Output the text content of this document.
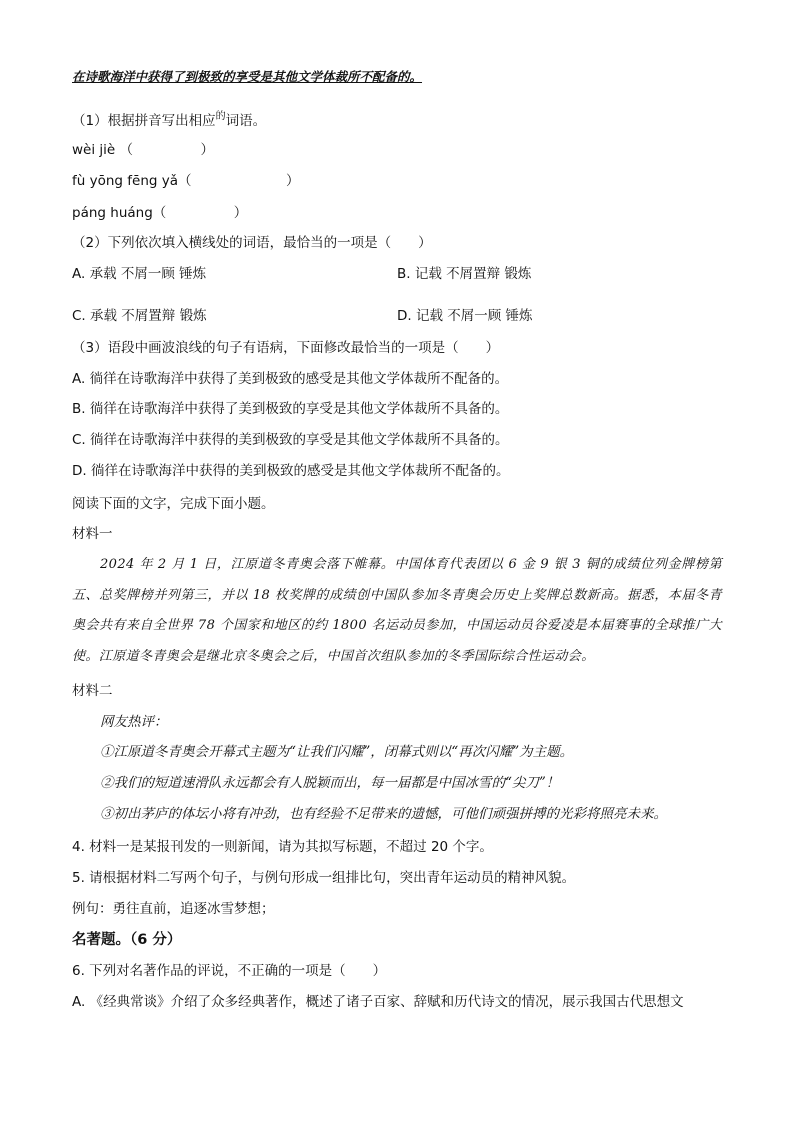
在诗歌海洋中获得了到极致的享受是其他文学体裁所不配备的。
（1）根据拼音写出相应$^的$词语。
wèi jiè （　　　　　）
fù yōng fēng yǎ（　　　　　　　）
páng huáng（　　　　　）
（2）下列依次填入横线处的词语，最恰当的一项是（　　）
A. 承载 不屑一顾 锤炼	B. 记载 不屑置辩 锻炼
C. 承载 不屑置辩 锻炼	D. 记载 不屑一顾 锤炼
（3）语段中画波浪线的句子有语病，下面修改最恰当的一项是（　　）
A. 徜徉在诗歌海洋中获得了美到极致的感受是其他文学体裁所不配备的。
B. 徜徉在诗歌海洋中获得了美到极致的享受是其他文学体裁所不具备的。
C. 徜徉在诗歌海洋中获得的美到极致的享受是其他文学体裁所不具备的。
D. 徜徉在诗歌海洋中获得的美到极致的感受是其他文学体裁所不配备的。
阅读下面的文字，完成下面小题。
材料一
2024 年 2 月 1 日，江原道冬青奥会落下帷幕。中国体育代表团以 6 金 9 银 3 铜的成绩位列金牌榜第五、总奖牌榜并列第三，并以 18 枚奖牌的成绩创中国队参加冬青奥会历史上奖牌总数新高。据悉，本届冬青奥会共有来自全世界 78 个国家和地区的约 1800 名运动员参加，中国运动员谷爱凌是本届赛事的全球推广大使。江原道冬青奥会是继北京冬奥会之后，中国首次组队参加的冬季国际综合性运动会。
材料二
网友热评：
①江原道冬青奥会开幕式主题为“让我们闪耀”，闭幕式则以“再次闪耀”为主题。
②我们的短道速滑队永远都会有人脱颖而出，每一届都是中国冰雪的“尖刀”！
③初出茅庐的体坛小将有冲劲，也有经验不足带来的遗憾，可他们顽强拼搏的光彩将照亮未来。
4. 材料一是某报刊发的一则新闻，请为其拟写标题，不超过 20 个字。
5. 请根据材料二写两个句子，与例句形成一组排比句，突出青年运动员的精神风貌。
例句：勇往直前，追逐冰雪梦想；
名著题。（6 分）
6. 下列对名著作品的评说，不正确的一项是（　　）
A. 《经典常谈》介绍了众多经典著作，概述了诸子百家、辞赋和历代诗文的情况，展示我国古代思想文
